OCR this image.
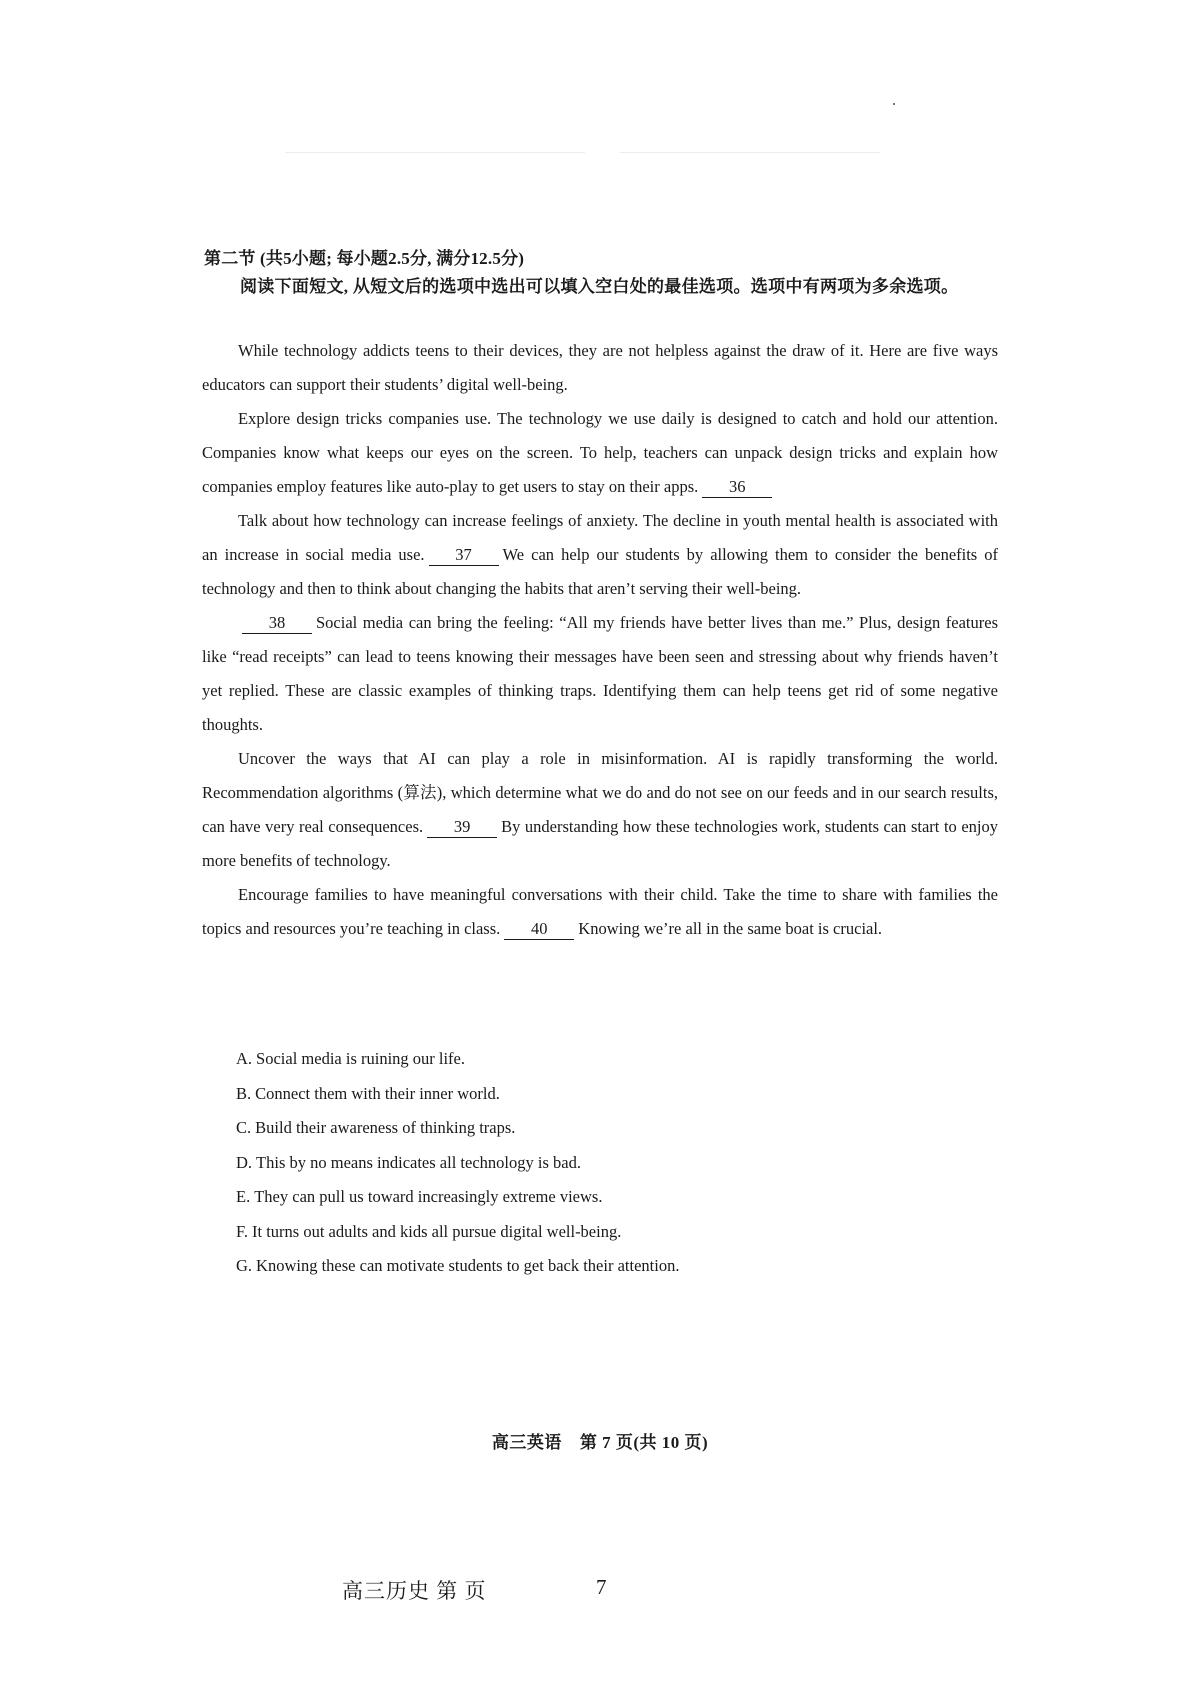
第二节 (共5小题; 每小题2.5分, 满分12.5分)
阅读下面短文, 从短文后的选项中选出可以填入空白处的最佳选项。选项中有两项为多余选项。

While technology addicts teens to their devices, they are not helpless against the draw of it. Here are five ways educators can support their students’ digital well-being.

Explore design tricks companies use. The technology we use daily is designed to catch and hold our attention. Companies know what keeps our eyes on the screen. To help, teachers can unpack design tricks and explain how companies employ features like auto-play to get users to stay on their apps. 36

Talk about how technology can increase feelings of anxiety. The decline in youth mental health is associated with an increase in social media use. 37 We can help our students by allowing them to consider the benefits of technology and then to think about changing the habits that aren’t serving their well-being.

38 Social media can bring the feeling: “All my friends have better lives than me.” Plus, design features like “read receipts” can lead to teens knowing their messages have been seen and stressing about why friends haven’t yet replied. These are classic examples of thinking traps. Identifying them can help teens get rid of some negative thoughts.

Uncover the ways that AI can play a role in misinformation. AI is rapidly transforming the world. Recommendation algorithms (算法), which determine what we do and do not see on our feeds and in our search results, can have very real consequences. 39 By understanding how these technologies work, students can start to enjoy more benefits of technology.

Encourage families to have meaningful conversations with their child. Take the time to share with families the topics and resources you’re teaching in class. 40 Knowing we’re all in the same boat is crucial.

A. Social media is ruining our life.
B. Connect them with their inner world.
C. Build their awareness of thinking traps.
D. This by no means indicates all technology is bad.
E. They can pull us toward increasingly extreme views.
F. It turns out adults and kids all pursue digital well-being.
G. Knowing these can motivate students to get back their attention.
高三英语 第 7 页(共 10 页)
高三历史 第 页	7
